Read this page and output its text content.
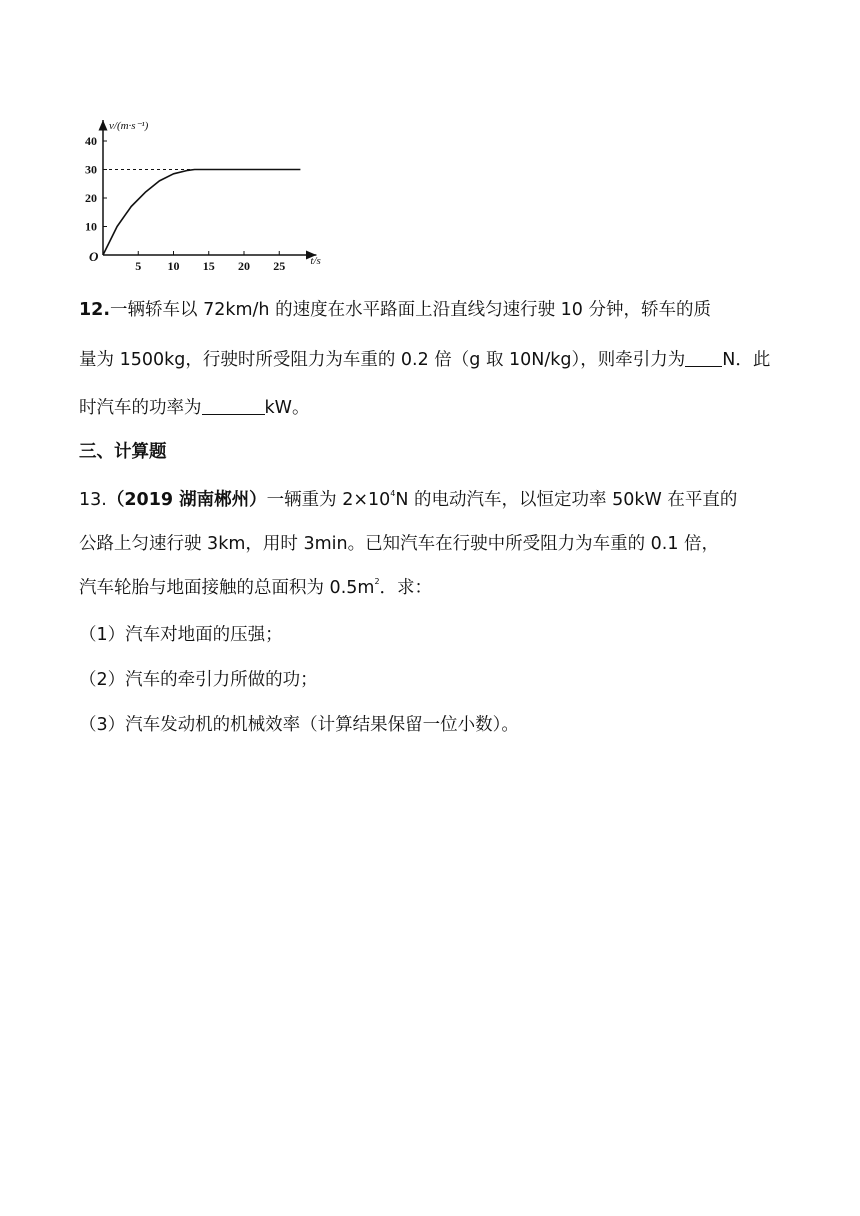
v/(m·s⁻¹)
t/s
O
5 10 15 20 25
10
20
30
40
12.一辆轿车以 72km/h 的速度在水平路面上沿直线匀速行驶 10 分钟，轿车的质
量为 1500kg，行驶时所受阻力为车重的 0.2 倍（g 取 10N/kg），则牵引力为 N．此
时汽车的功率为	kW。
三、计算题
13.（2019 湖南郴州）一辆重为 $2\times 10^4N$ 的电动汽车，以恒定功率 50kW 在平直的
公路上匀速行驶 3km，用时 3min。已知汽车在行驶中所受阻力为车重的 0.1 倍，
汽车轮胎与地面接触的总面积为 $0.5m^2$．求：
（1）汽车对地面的压强；
（2）汽车的牵引力所做的功；
（3）汽车发动机的机械效率（计算结果保留一位小数）。
